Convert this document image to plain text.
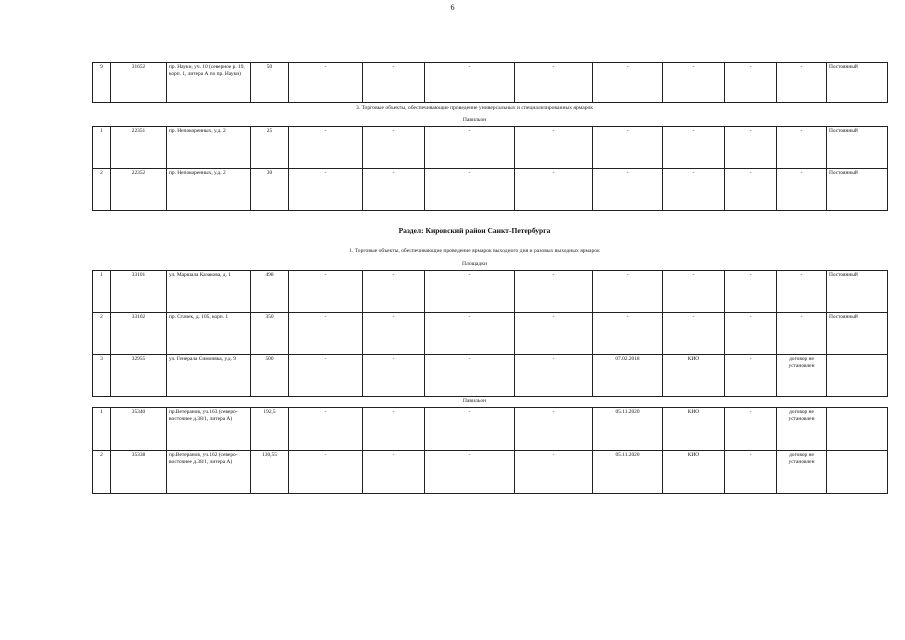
6
9	31652	пр. Науки, уч. 10 (северное р. 19, корп. 1, литера А по пр. Науки)	50	-	-	-	-	-	-	-	-	Постоянный
3. Торговые объекты, обеспечивающие проведение универсальных и специализированных ярмарок
Павильон
1	22351	пр. Непокоренных, у.д. 2	25	-	-	-	-	-	-	-	-	Постоянный
2	22352	пр. Непокоренных, у.д. 2	30	-	-	-	-	-	-	-	-	Постоянный
Раздел: Кировский район Санкт-Петербурга
1. Торговые объекты, обеспечивающие проведение ярмарок выходного дня и разовых выходных ярмарок
Площадки
1	33101	ул. Маршала Казакова, д. 1	498	-	-	-	-	-	-	-	-	Постоянный
2	33102	пр. Стачек, д. 105, корп. 1	350	-	-	-	-	-	-	-	-	Постоянный
3	32955	ул. Генерала Симоняка, у.д. 9	500	-	-	-	-	07.02.2018	КИО	-	договор не установлен	
Павильон
1	35340	пр.Ветеранов, уч.163 (северо-восточнее д.38/1, литера А)	192,5	-	-	-	-	05.11.2020	КИО	-	договор не установлен	
2	35338	пр.Ветеранов, уч.162 (северо-восточнее д.38/1, литера А)	130,55	-	-	-	-	05.11.2020	КИО	-	договор не установлен	
